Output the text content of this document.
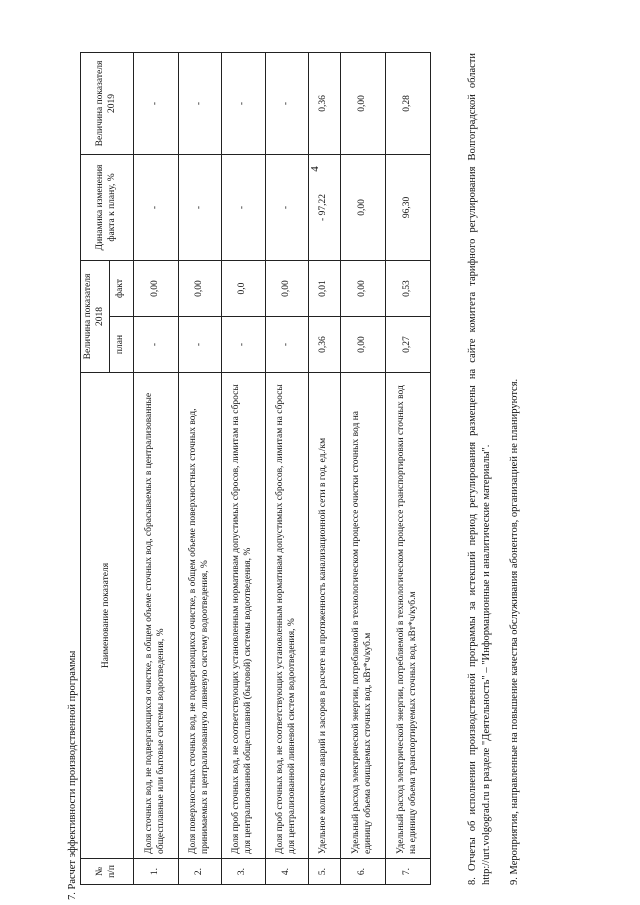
4
7. Расчет эффективности производственной программы № п/п	Наименование показателя	Величина показателя 2018		Динамика изменения факта к плану, %	Величина показателя 2019
		план	факт		
1.	Доля сточных вод, не подвергающихся очистке, в общем объеме сточных вод, сбрасываемых в централизованные общесплавные или бытовые системы водоотведения, %	-	0,00	-	-
2.	Доля поверхностных сточных вод, не подвергающихся очистке, в общем объеме поверхностных сточных вод, принимаемых в централизованную ливневую систему водоотведения, %	-	0,00	-	-
3.	Доля проб сточных вод, не соответствующих установленным нормативам допустимых сбросов, лимитам на сбросы для централизованной общесплавной (бытовой) системы водоотведения, %	-	0,0	-	-
4.	Доля проб сточных вод, не соответствующих установленным нормативам допустимых сбросов, лимитам на сбросы для централизованной ливневой систем водоотведения, %	-	0,00	-	-
5.	Удельное количество аварий и засоров в расчете на протяженность канализационной сети в год, ед./км	0,36	0,01	- 97,22	0,36
6.	Удельный расход электрической энергии, потребляемой в технологическом процессе очистки сточных вод на единицу объема очищаемых сточных вод, кВт*ч/куб.м	0,00	0,00	0,00	0,00
7.	Удельный расход электрической энергии, потребляемой в технологическом процессе транспортировки сточных вод на единицу объема транспортируемых сточных вод, кВт*ч/куб.м	0,27	0,53	96,30	0,28	8. Отчеты об исполнении производственной программы за истекший период регулирования размещены на сайте комитета тарифного регулирования Волгоградской области http://urt.volgograd.ru в разделе "Деятельность" – "Информационные и аналитические материалы". 9. Мероприятия, направленные на повышение качества обслуживания абонентов, организацией не планируются.
